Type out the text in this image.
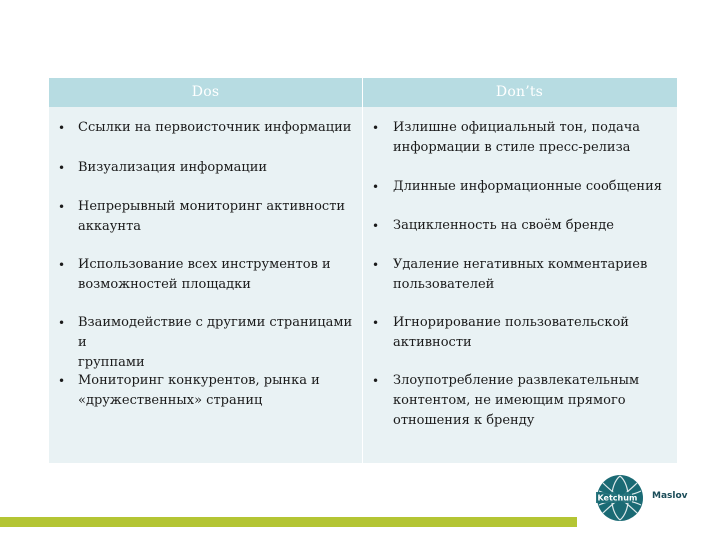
Dos	Don’ts
• Ссылки на первоисточник информации
• Визуализация информации
• Непрерывный мониторинг активности
аккаунта
• Использование всех инструментов и
возможностей площадки
• Взаимодействие с другими страницами и
группами
• Мониторинг конкурентов, рынка и
«дружественных» страниц
• Излишне официальный тон, подача
информации в стиле пресс-релиза
• Длинные информационные сообщения
• Зацикленность на своём бренде
• Удаление негативных комментариев
пользователей
• Игнорирование пользовательской
активности
• Злоупотребление развлекательным
контентом, не имеющим прямого
отношения к бренду
Ketchum Maslov
